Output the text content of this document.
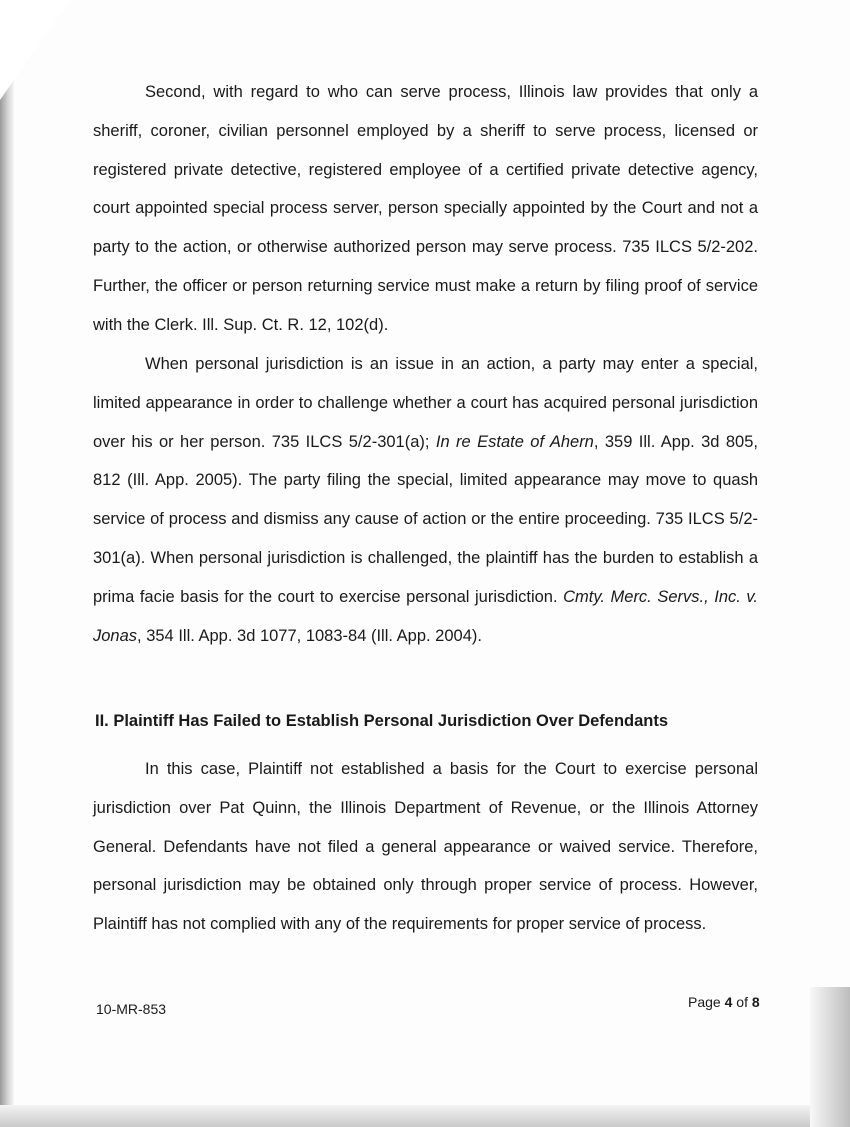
Second, with regard to who can serve process, Illinois law provides that only a sheriff, coroner, civilian personnel employed by a sheriff to serve process, licensed or registered private detective, registered employee of a certified private detective agency, court appointed special process server, person specially appointed by the Court and not a party to the action, or otherwise authorized person may serve process. 735 ILCS 5/2-202. Further, the officer or person returning service must make a return by filing proof of service with the Clerk. Ill. Sup. Ct. R. 12, 102(d).

When personal jurisdiction is an issue in an action, a party may enter a special, limited appearance in order to challenge whether a court has acquired personal jurisdiction over his or her person. 735 ILCS 5/2-301(a); In re Estate of Ahern, 359 Ill. App. 3d 805, 812 (Ill. App. 2005). The party filing the special, limited appearance may move to quash service of process and dismiss any cause of action or the entire proceeding. 735 ILCS 5/2-301(a). When personal jurisdiction is challenged, the plaintiff has the burden to establish a prima facie basis for the court to exercise personal jurisdiction. Cmty. Merc. Servs., Inc. v. Jonas, 354 Ill. App. 3d 1077, 1083-84 (Ill. App. 2004).

II. Plaintiff Has Failed to Establish Personal Jurisdiction Over Defendants

In this case, Plaintiff not established a basis for the Court to exercise personal jurisdiction over Pat Quinn, the Illinois Department of Revenue, or the Illinois Attorney General. Defendants have not filed a general appearance or waived service. Therefore, personal jurisdiction may be obtained only through proper service of process. However, Plaintiff has not complied with any of the requirements for proper service of process.

10-MR-853	Page 4 of 8
